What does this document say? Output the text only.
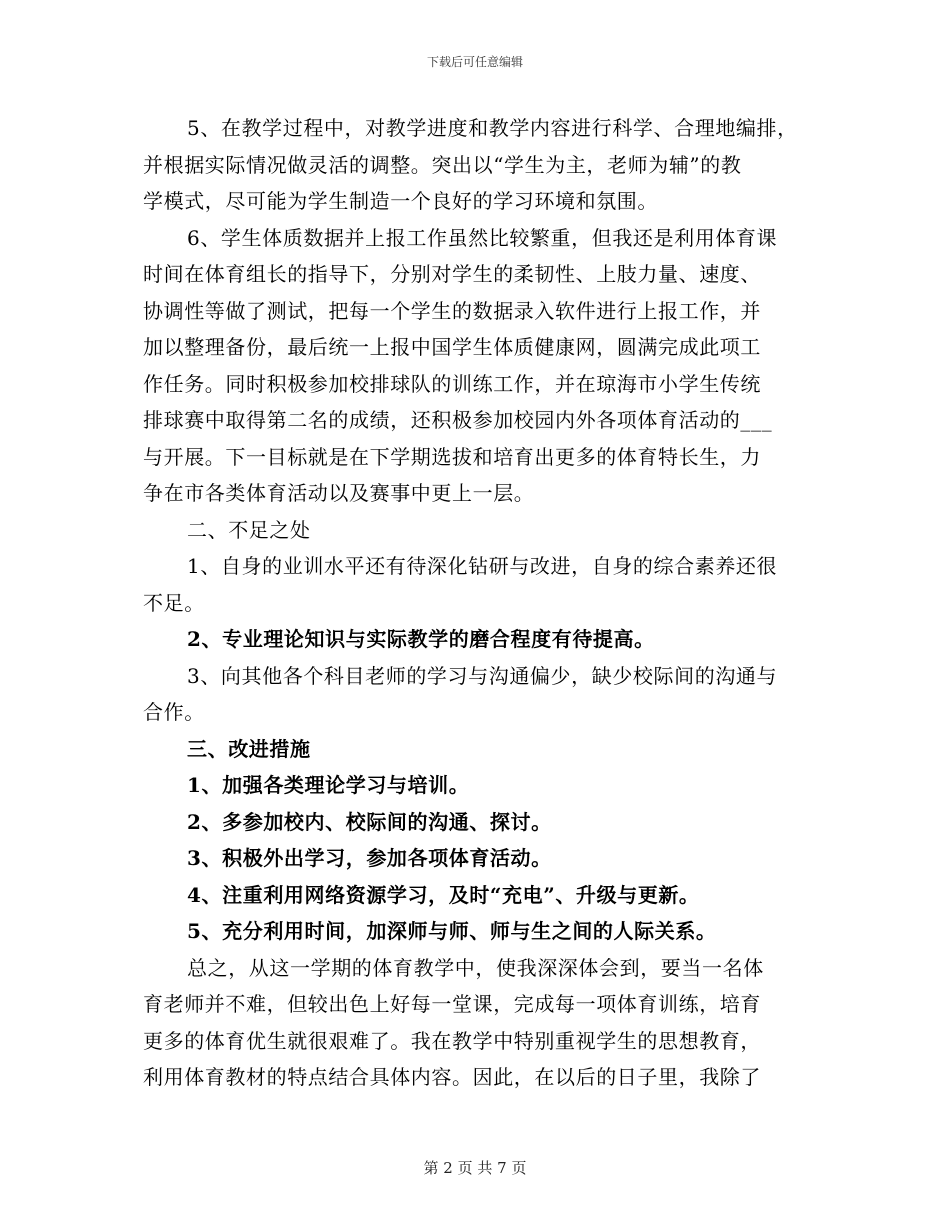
下载后可任意编辑
5、在教学过程中，对教学进度和教学内容进行科学、合理地编排，
并根据实际情况做灵活的调整。突出以“学生为主，老师为辅”的教
学模式，尽可能为学生制造一个良好的学习环境和氛围。
6、学生体质数据并上报工作虽然比较繁重，但我还是利用体育课
时间在体育组长的指导下，分别对学生的柔韧性、上肢力量、速度、
协调性等做了测试，把每一个学生的数据录入软件进行上报工作，并
加以整理备份，最后统一上报中国学生体质健康网，圆满完成此项工
作任务。同时积极参加校排球队的训练工作，并在琼海市小学生传统
排球赛中取得第二名的成绩，还积极参加校园内外各项体育活动的___
与开展。下一目标就是在下学期选拔和培育出更多的体育特长生，力
争在市各类体育活动以及赛事中更上一层。
二、不足之处
1、自身的业训水平还有待深化钻研与改进，自身的综合素养还很
不足。
2、专业理论知识与实际教学的磨合程度有待提高。
3、向其他各个科目老师的学习与沟通偏少，缺少校际间的沟通与
合作。
三、改进措施
1、加强各类理论学习与培训。
2、多参加校内、校际间的沟通、探讨。
3、积极外出学习，参加各项体育活动。
4、注重利用网络资源学习，及时“充电”、升级与更新。
5、充分利用时间，加深师与师、师与生之间的人际关系。
总之，从这一学期的体育教学中，使我深深体会到，要当一名体
育老师并不难，但较出色上好每一堂课，完成每一项体育训练，培育
更多的体育优生就很艰难了。我在教学中特别重视学生的思想教育，
利用体育教材的特点结合具体内容。因此，在以后的日子里，我除了
第 2 页 共 7 页
